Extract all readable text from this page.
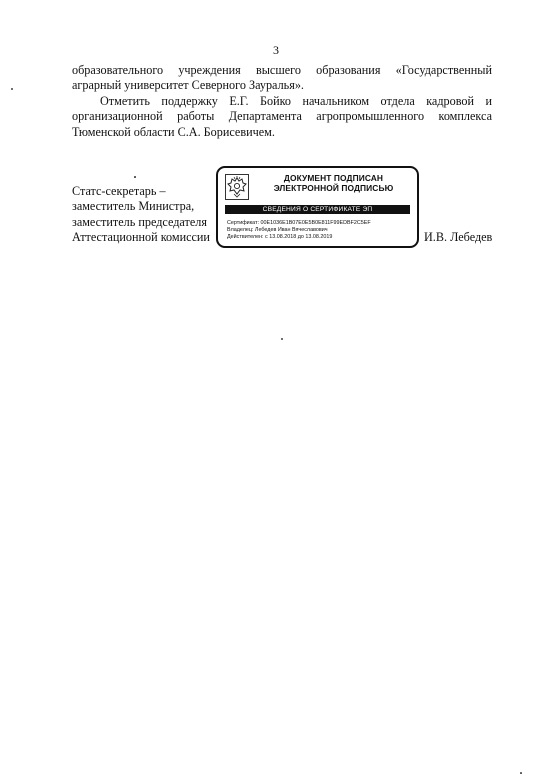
3

образовательного учреждения высшего образования «Государственный аграрный университет Северного Зауралья».

Отметить поддержку Е.Г. Бойко начальником отдела кадровой и организационной работы Департамента агропромышленного комплекса Тюменской области С.А. Борисевичем.

Статс-секретарь –
заместитель Министра,
заместитель председателя
Аттестационной комиссии
ДОКУМЕНТ ПОДПИСАН
ЭЛЕКТРОННОЙ ПОДПИСЬЮ
СВЕДЕНИЯ О СЕРТИФИКАТЕ ЭП
Сертификат: 00E1036E1B07E0E5B0E811F99EDBF2C5EF
Владелец: Лебедев Иван Вячеславович
Действителен: с 13.08.2018 до 13.08.2019	И.В. Лебедев
